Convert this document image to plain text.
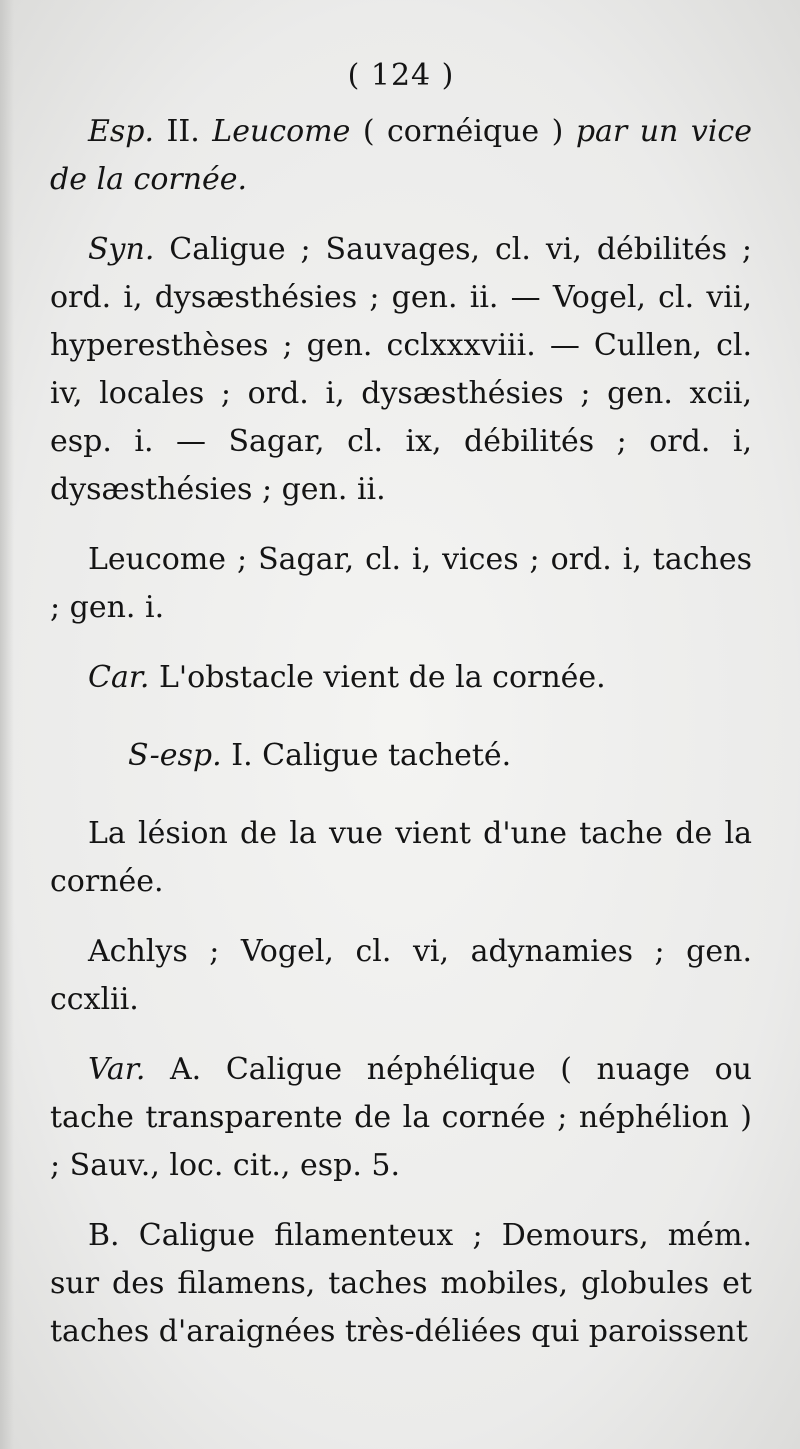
( 124 )

Esp. II. Leucome ( cornéique ) par un vice de la cornée.

Syn. Caligue ; Sauvages, cl. vi, débilités ; ord. i, dysæsthésies ; gen. ii. — Vogel, cl. vii, hyperesthèses ; gen. cclxxxviii. — Cullen, cl. iv, locales ; ord. i, dysæsthésies ; gen. xcii, esp. i. — Sagar, cl. ix, débilités ; ord. i, dysæsthésies ; gen. ii.

Leucome ; Sagar, cl. i, vices ; ord. i, taches ; gen. i.

Car. L'obstacle vient de la cornée.

S-esp. I. Caligue tacheté.

La lésion de la vue vient d'une tache de la cornée.

Achlys ; Vogel, cl. vi, adynamies ; gen. ccxlii.

Var. A. Caligue néphélique ( nuage ou tache transparente de la cornée ; néphélion ) ; Sauv., loc. cit., esp. 5.

B. Caligue filamenteux ; Demours, mém. sur des filamens, taches mobiles, globules et taches d'araignées très-déliées qui paroissent
